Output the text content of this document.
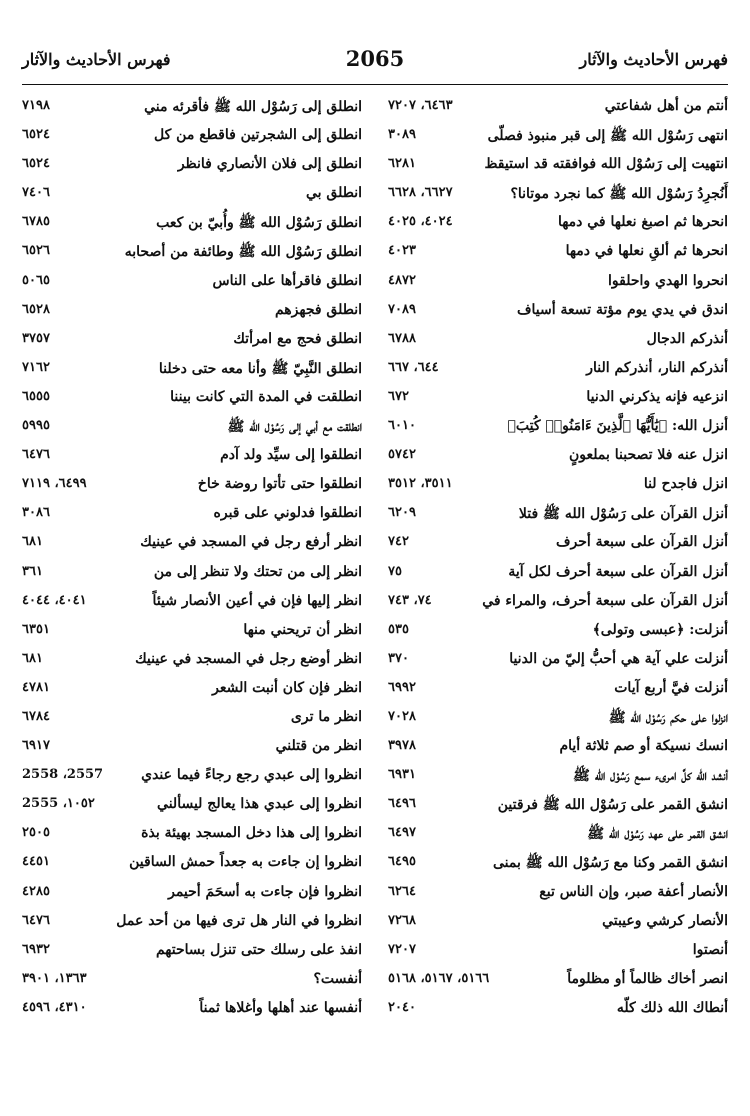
فهرس الأحاديث والآثار
2065
فهرس الأحاديث والآثار
أنتم من أهل شفاعتي
٦٤٦٣، ٧٢٠٧
انتهى رَسُوْل الله ﷺ إلى قبر منبوذ فصلّى
٣٠٨٩
انتهيت إلى رَسُوْل الله فوافقته قد استيقظ
٦٢٨١
أَنُجرِدُ رَسُوْل الله ﷺ كما نجرد موتانا؟
٦٦٢٧، ٦٦٢٨
انحرها ثم اصبغ نعلها في دمها
٤٠٢٤، ٤٠٢٥
انحرها ثم ألقِ نعلها في دمها
٤٠٢٣
انحروا الهدي واحلقوا
٤٨٧٢
اندق في يدي يوم مؤتة تسعة أسياف
٧٠٨٩
أنذركم الدجال
٦٧٨٨
أنذركم النار، أنذركم النار
٦٤٤، ٦٦٧
انزعيه فإنه يذكرني الدنيا
٦٧٢
أنزل الله: ﴿يَٰأَيُّهَا ٱلَّذِينَ ءَامَنُوا۟ كُتِبَ﴾
٦٠١٠
انزل عنه فلا تصحبنا بملعونٍ
٥٧٤٢
انزل فاجدح لنا
٣٥١١، ٣٥١٢
أنزل القرآن على رَسُوْل الله ﷺ فتلا
٦٢٠٩
أنزل القرآن على سبعة أحرف
٧٤٢
أنزل القرآن على سبعة أحرف لكل آية
٧٥
أنزل القرآن على سبعة أحرف، والمراء في
٧٤، ٧٤٣
أنزلت: ﴿عبسى وتولى﴾
٥٣٥
أنزلت علي آية هي أحبُّ إليّ من الدنيا
٣٧٠
أنزلت فيَّ أربع آيات
٦٩٩٢
انزلوا على حكم رَسُوْل الله ﷺ
٧٠٢٨
انسك نسيكة أو صم ثلاثة أيام
٣٩٧٨
أنشد الله كلَّ امرىء سمع رَسُوْل الله ﷺ
٦٩٣١
انشق القمر على رَسُوْل الله ﷺ فرقتين
٦٤٩٦
انشق القمر على عهد رَسُوْل الله ﷺ
٦٤٩٧
انشق القمر وكنا مع رَسُوْل الله ﷺ بمنى
٦٤٩٥
الأنصار أعفة صبر، وإن الناس تبع
٦٢٦٤
الأنصار كرشي وعيبتي
٧٢٦٨
أنصتوا
٧٢٠٧
انصر أخاك ظالماً أو مظلوماً
٥١٦٦، ٥١٦٧، ٥١٦٨
أنطاك الله ذلك كلّه
٢٠٤٠
انطلق إلى رَسُوْل الله ﷺ فأقرئه مني
٧١٩٨
انطلق إلى الشجرتين فاقطع من كل
٦٥٢٤
انطلق إلى فلان الأنصاري فانظر
٦٥٢٤
انطلق بي
٧٤٠٦
انطلق رَسُوْل الله ﷺ وأُبيّ بن كعب
٦٧٨٥
انطلق رَسُوْل الله ﷺ وطائفة من أصحابه
٦٥٢٦
انطلق فاقرأها على الناس
٥٠٦٥
انطلق فجهزهم
٦٥٢٨
انطلق فحج مع امرأتك
٣٧٥٧
انطلق النَّبِيّ ﷺ وأنا معه حتى دخلنا
٧١٦٢
انطلقت في المدة التي كانت بيننا
٦٥٥٥
انطلقت مع أبي إلى رَسُوْل الله ﷺ
٥٩٩٥
انطلقوا إلى سيِّد ولد آدم
٦٤٧٦
انطلقوا حتى تأتوا روضة خاخ
٦٤٩٩، ٧١١٩
انطلقوا فدلوني على قبره
٣٠٨٦
انظر أرفع رجل في المسجد في عينيك
٦٨١
انظر إلى من تحتك ولا تنظر إلى من
٣٦١
انظر إليها فإن في أعين الأنصار شيئاً
٤٠٤١، ٤٠٤٤
انظر أن تريحني منها
٦٣٥١
انظر أوضع رجل في المسجد في عينيك
٦٨١
انظر فإن كان أنبت الشعر
٤٧٨١
انظر ما ترى
٦٧٨٤
انظر من قتلني
٦٩١٧
انظروا إلى عبدي رجع رجاءً فيما عندي
2557، 2558
انظروا إلى عبدي هذا يعالج ليسألني
١٠٥٢، 2555
انظروا إلى هذا دخل المسجد بهيئة بذة
٢٥٠٥
انظروا إن جاءت به جعداً حمش الساقين
٤٤٥١
انظروا فإن جاءت به أسحَمَ أحيمر
٤٢٨٥
انظروا في النار هل ترى فيها من أحد عمل
٦٤٧٦
انفذ على رسلك حتى تنزل بساحتهم
٦٩٣٢
أنفست؟
١٣٦٣، ٣٩٠١
أنفسها عند أهلها وأغلاها ثمناً
٤٣١٠، ٤٥٩٦
